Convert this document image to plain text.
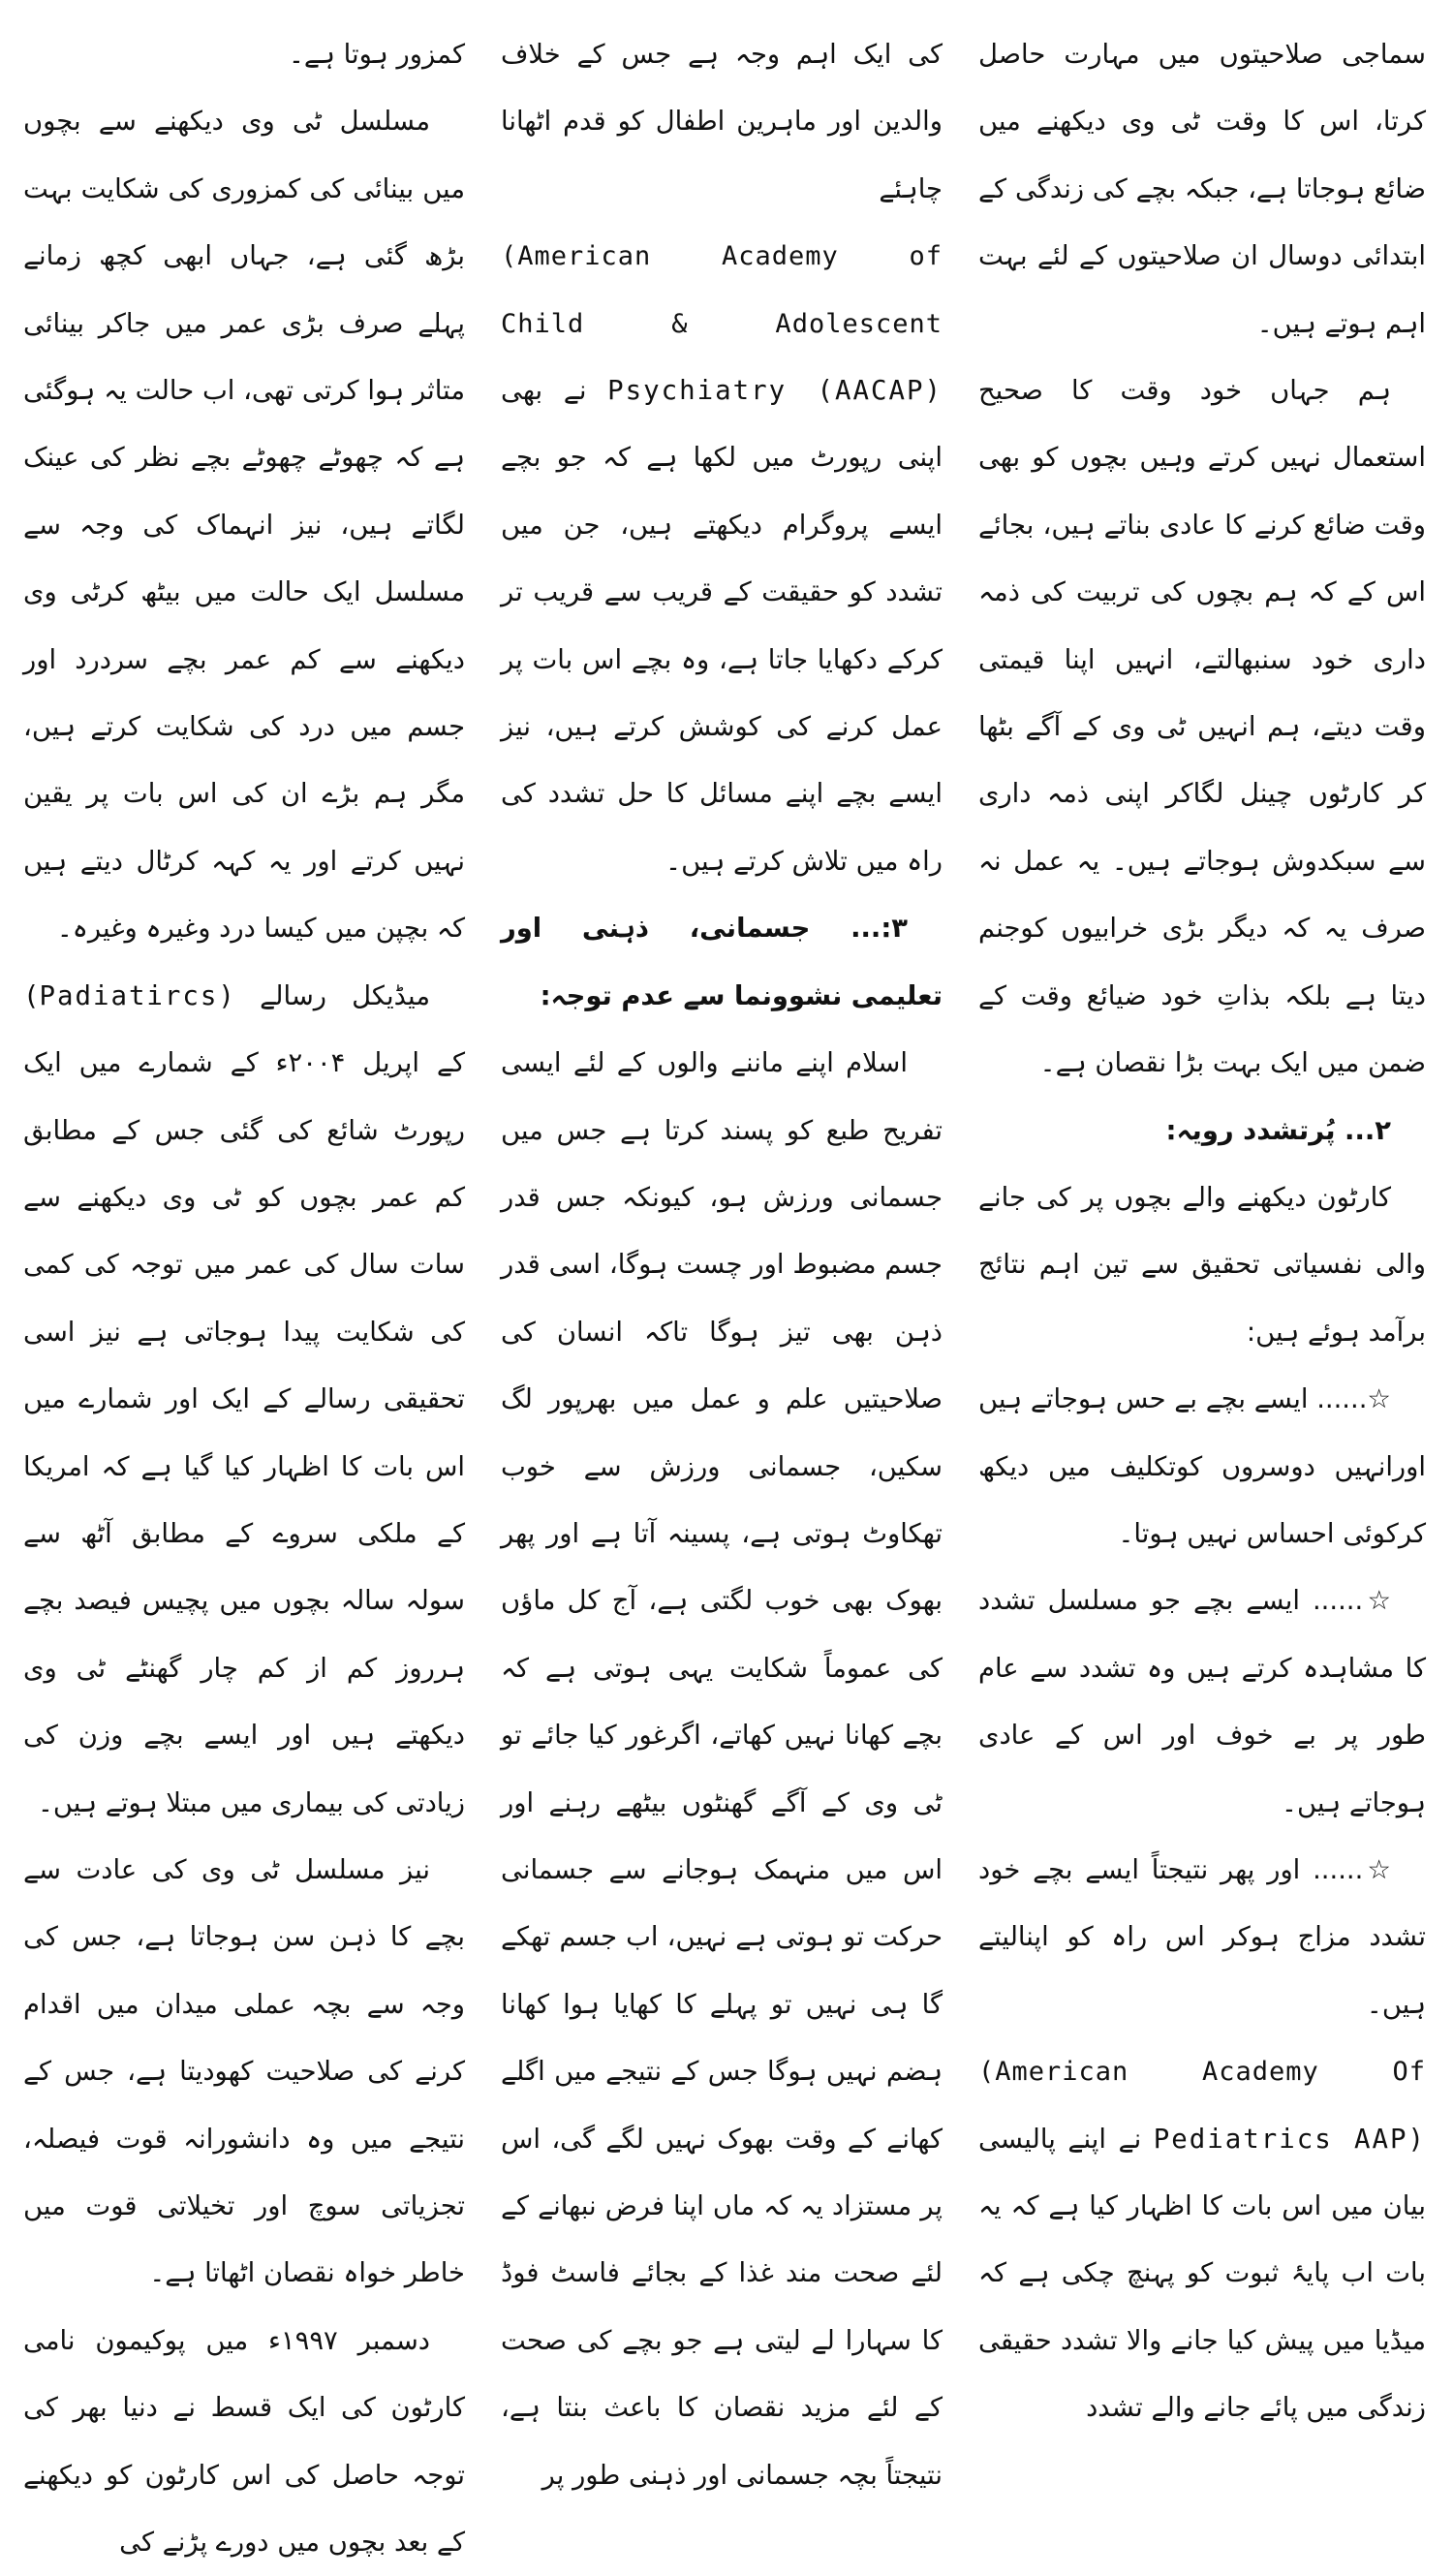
سماجی صلاحیتوں میں مہارت حاصل کرتا، اس کا وقت ٹی وی دیکھنے میں ضائع ہوجاتا ہے، جبکہ بچے کی زندگی کے ابتدائی دوسال ان صلاحیتوں کے لئے بہت اہم ہوتے ہیں۔

ہم جہاں خود وقت کا صحیح استعمال نہیں کرتے وہیں بچوں کو بھی وقت ضائع کرنے کا عادی بناتے ہیں، بجائے اس کے کہ ہم بچوں کی تربیت کی ذمہ داری خود سنبھالتے، انہیں اپنا قیمتی وقت دیتے، ہم انہیں ٹی وی کے آگے بٹھا کر کارٹوں چینل لگاکر اپنی ذمہ داری سے سبکدوش ہوجاتے ہیں۔ یہ عمل نہ صرف یہ کہ دیگر بڑی خرابیوں کوجنم دیتا ہے بلکہ بذاتِ خود ضیائع وقت کے ضمن میں ایک بہت بڑا نقصان ہے۔

۲... پُرتشدد رویہ:

کارٹون دیکھنے والے بچوں پر کی جانے والی نفسیاتی تحقیق سے تین اہم نتائج برآمد ہوئے ہیں:

☆...... ایسے بچے بے حس ہوجاتے ہیں اورانہیں دوسروں کوتکلیف میں دیکھ کرکوئی احساس نہیں ہوتا۔

☆...... ایسے بچے جو مسلسل تشدد کا مشاہدہ کرتے ہیں وہ تشدد سے عام طور پر بے خوف اور اس کے عادی ہوجاتے ہیں۔

☆...... اور پھر نتیجتاً ایسے بچے خود تشدد مزاج ہوکر اس راہ کو اپنالیتے ہیں۔

(American Academy Of

Pediatrics AAP) نے اپنے پالیسی بیان میں اس بات کا اظہار کیا ہے کہ یہ بات اب پایۂ ثبوت کو پہنچ چکی ہے کہ میڈیا میں پیش کیا جانے والا تشدد حقیقی زندگی میں پائے جانے والے تشدد

کی ایک اہم وجہ ہے جس کے خلاف والدین اور ماہرین اطفال کو قدم اٹھانا چاہئے

(American Academy of

Child & Adolescent

Psychiatry (AACAP) نے بھی اپنی رپورٹ میں لکھا ہے کہ جو بچے ایسے پروگرام دیکھتے ہیں، جن میں تشدد کو حقیقت کے قریب سے قریب تر کرکے دکھایا جاتا ہے، وہ بچے اس بات پر عمل کرنے کی کوشش کرتے ہیں، نیز ایسے بچے اپنے مسائل کا حل تشدد کی راہ میں تلاش کرتے ہیں۔

۳:... جسمانی، ذہنی اور تعلیمی نشوونما سے عدم توجہ:

اسلام اپنے ماننے والوں کے لئے ایسی تفریح طبع کو پسند کرتا ہے جس میں جسمانی ورزش ہو، کیونکہ جس قدر جسم مضبوط اور چست ہوگا، اسی قدر ذہن بھی تیز ہوگا تاکہ انسان کی صلاحیتیں علم و عمل میں بھرپور لگ سکیں، جسمانی ورزش سے خوب تھکاوٹ ہوتی ہے، پسینہ آتا ہے اور پھر بھوک بھی خوب لگتی ہے، آج کل ماؤں کی عموماً شکایت یہی ہوتی ہے کہ بچے کھانا نہیں کھاتے، اگرغور کیا جائے تو ٹی وی کے آگے گھنٹوں بیٹھے رہنے اور اس میں منہمک ہوجانے سے جسمانی حرکت تو ہوتی ہے نہیں، اب جسم تھکے گا ہی نہیں تو پہلے کا کھایا ہوا کھانا ہضم نہیں ہوگا جس کے نتیجے میں اگلے کھانے کے وقت بھوک نہیں لگے گی، اس پر مستزاد یہ کہ ماں اپنا فرض نبھانے کے لئے صحت مند غذا کے بجائے فاسٹ فوڈ کا سہارا لے لیتی ہے جو بچے کی صحت کے لئے مزید نقصان کا باعث بنتا ہے، نتیجتاً بچہ جسمانی اور ذہنی طور پر

کمزور ہوتا ہے۔

مسلسل ٹی وی دیکھنے سے بچوں میں بینائی کی کمزوری کی شکایت بہت بڑھ گئی ہے، جہاں ابھی کچھ زمانے پہلے صرف بڑی عمر میں جاکر بینائی متاثر ہوا کرتی تھی، اب حالت یہ ہوگئی ہے کہ چھوٹے چھوٹے بچے نظر کی عینک لگاتے ہیں، نیز انہماک کی وجہ سے مسلسل ایک حالت میں بیٹھ کرٹی وی دیکھنے سے کم عمر بچے سردرد اور جسم میں درد کی شکایت کرتے ہیں، مگر ہم بڑے ان کی اس بات پر یقین نہیں کرتے اور یہ کہہ کرٹال دیتے ہیں کہ بچپن میں کیسا درد وغیرہ وغیرہ۔

میڈیکل رسالے (Padiatircs) کے اپریل ۲۰۰۴ء کے شمارے میں ایک رپورٹ شائع کی گئی جس کے مطابق کم عمر بچوں کو ٹی وی دیکھنے سے سات سال کی عمر میں توجہ کی کمی کی شکایت پیدا ہوجاتی ہے نیز اسی تحقیقی رسالے کے ایک اور شمارے میں اس بات کا اظہار کیا گیا ہے کہ امریکا کے ملکی سروے کے مطابق آٹھ سے سولہ سالہ بچوں میں پچیس فیصد بچے ہرروز کم از کم چار گھنٹے ٹی وی دیکھتے ہیں اور ایسے بچے وزن کی زیادتی کی بیماری میں مبتلا ہوتے ہیں۔

نیز مسلسل ٹی وی کی عادت سے بچے کا ذہن سن ہوجاتا ہے، جس کی وجہ سے بچہ عملی میدان میں اقدام کرنے کی صلاحیت کھودیتا ہے، جس کے نتیجے میں وہ دانشورانہ قوت فیصلہ، تجزیاتی سوچ اور تخیلاتی قوت میں خاطر خواہ نقصان اٹھاتا ہے۔

دسمبر ۱۹۹۷ء میں پوکیمون نامی کارٹون کی ایک قسط نے دنیا بھر کی توجہ حاصل کی اس کارٹون کو دیکھنے کے بعد بچوں میں دورے پڑنے کی
